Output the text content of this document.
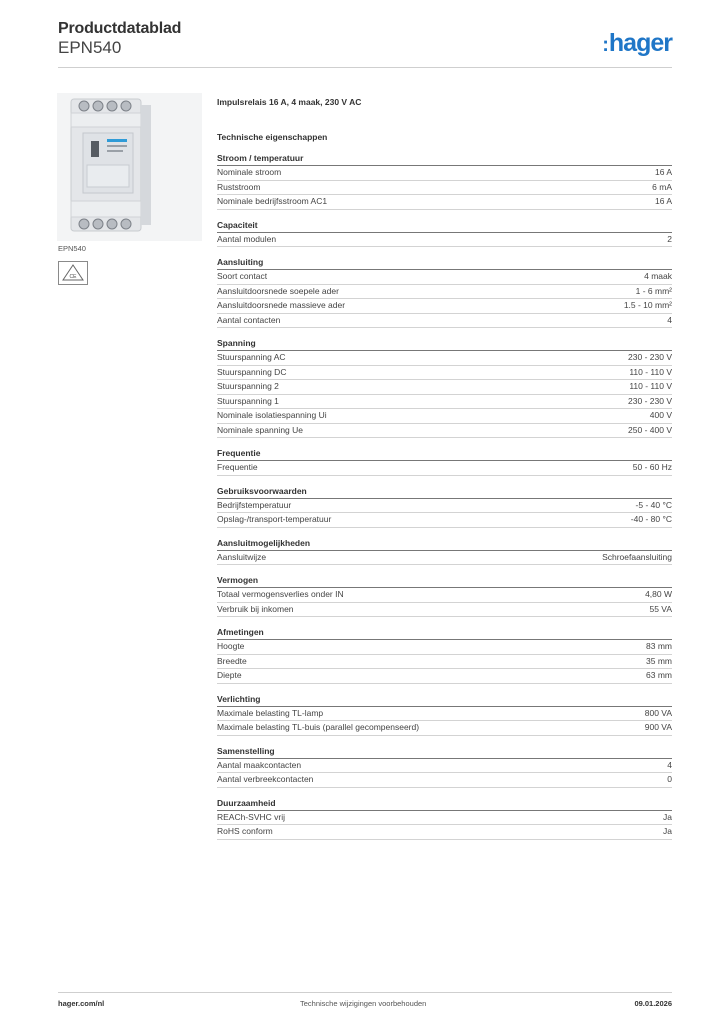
Productdatablad
EPN540	:hager
EPN540
CE
Impulsrelais 16 A, 4 maak, 230 V AC
Technische eigenschappen
Stroom / temperatuur
Nominale stroom	16 A
Ruststroom	6 mA
Nominale bedrijfsstroom AC1	16 A
Capaciteit
Aantal modulen	2
Aansluiting
Soort contact	4 maak
Aansluitdoorsnede soepele ader	1 - 6 mm²
Aansluitdoorsnede massieve ader	1.5 - 10 mm²
Aantal contacten	4
Spanning
Stuurspanning AC	230 - 230 V
Stuurspanning DC	110 - 110 V
Stuurspanning 2	110 - 110 V
Stuurspanning 1	230 - 230 V
Nominale isolatiespanning Ui	400 V
Nominale spanning Ue	250 - 400 V
Frequentie
Frequentie	50 - 60 Hz
Gebruiksvoorwaarden
Bedrijfstemperatuur	-5 - 40 °C
Opslag-/transport-temperatuur	-40 - 80 °C
Aansluitmogelijkheden
Aansluitwijze	Schroefaansluiting
Vermogen
Totaal vermogensverlies onder IN	4,80 W
Verbruik bij inkomen	55 VA
Afmetingen
Hoogte	83 mm
Breedte	35 mm
Diepte	63 mm
Verlichting
Maximale belasting TL-lamp	800 VA
Maximale belasting TL-buis (parallel gecompenseerd)	900 VA
Samenstelling
Aantal maakcontacten	4
Aantal verbreekcontacten	0
Duurzaamheid
REACh-SVHC vrij	Ja
RoHS conform	Ja
hager.com/nl	Technische wijzigingen voorbehouden	09.01.2026
